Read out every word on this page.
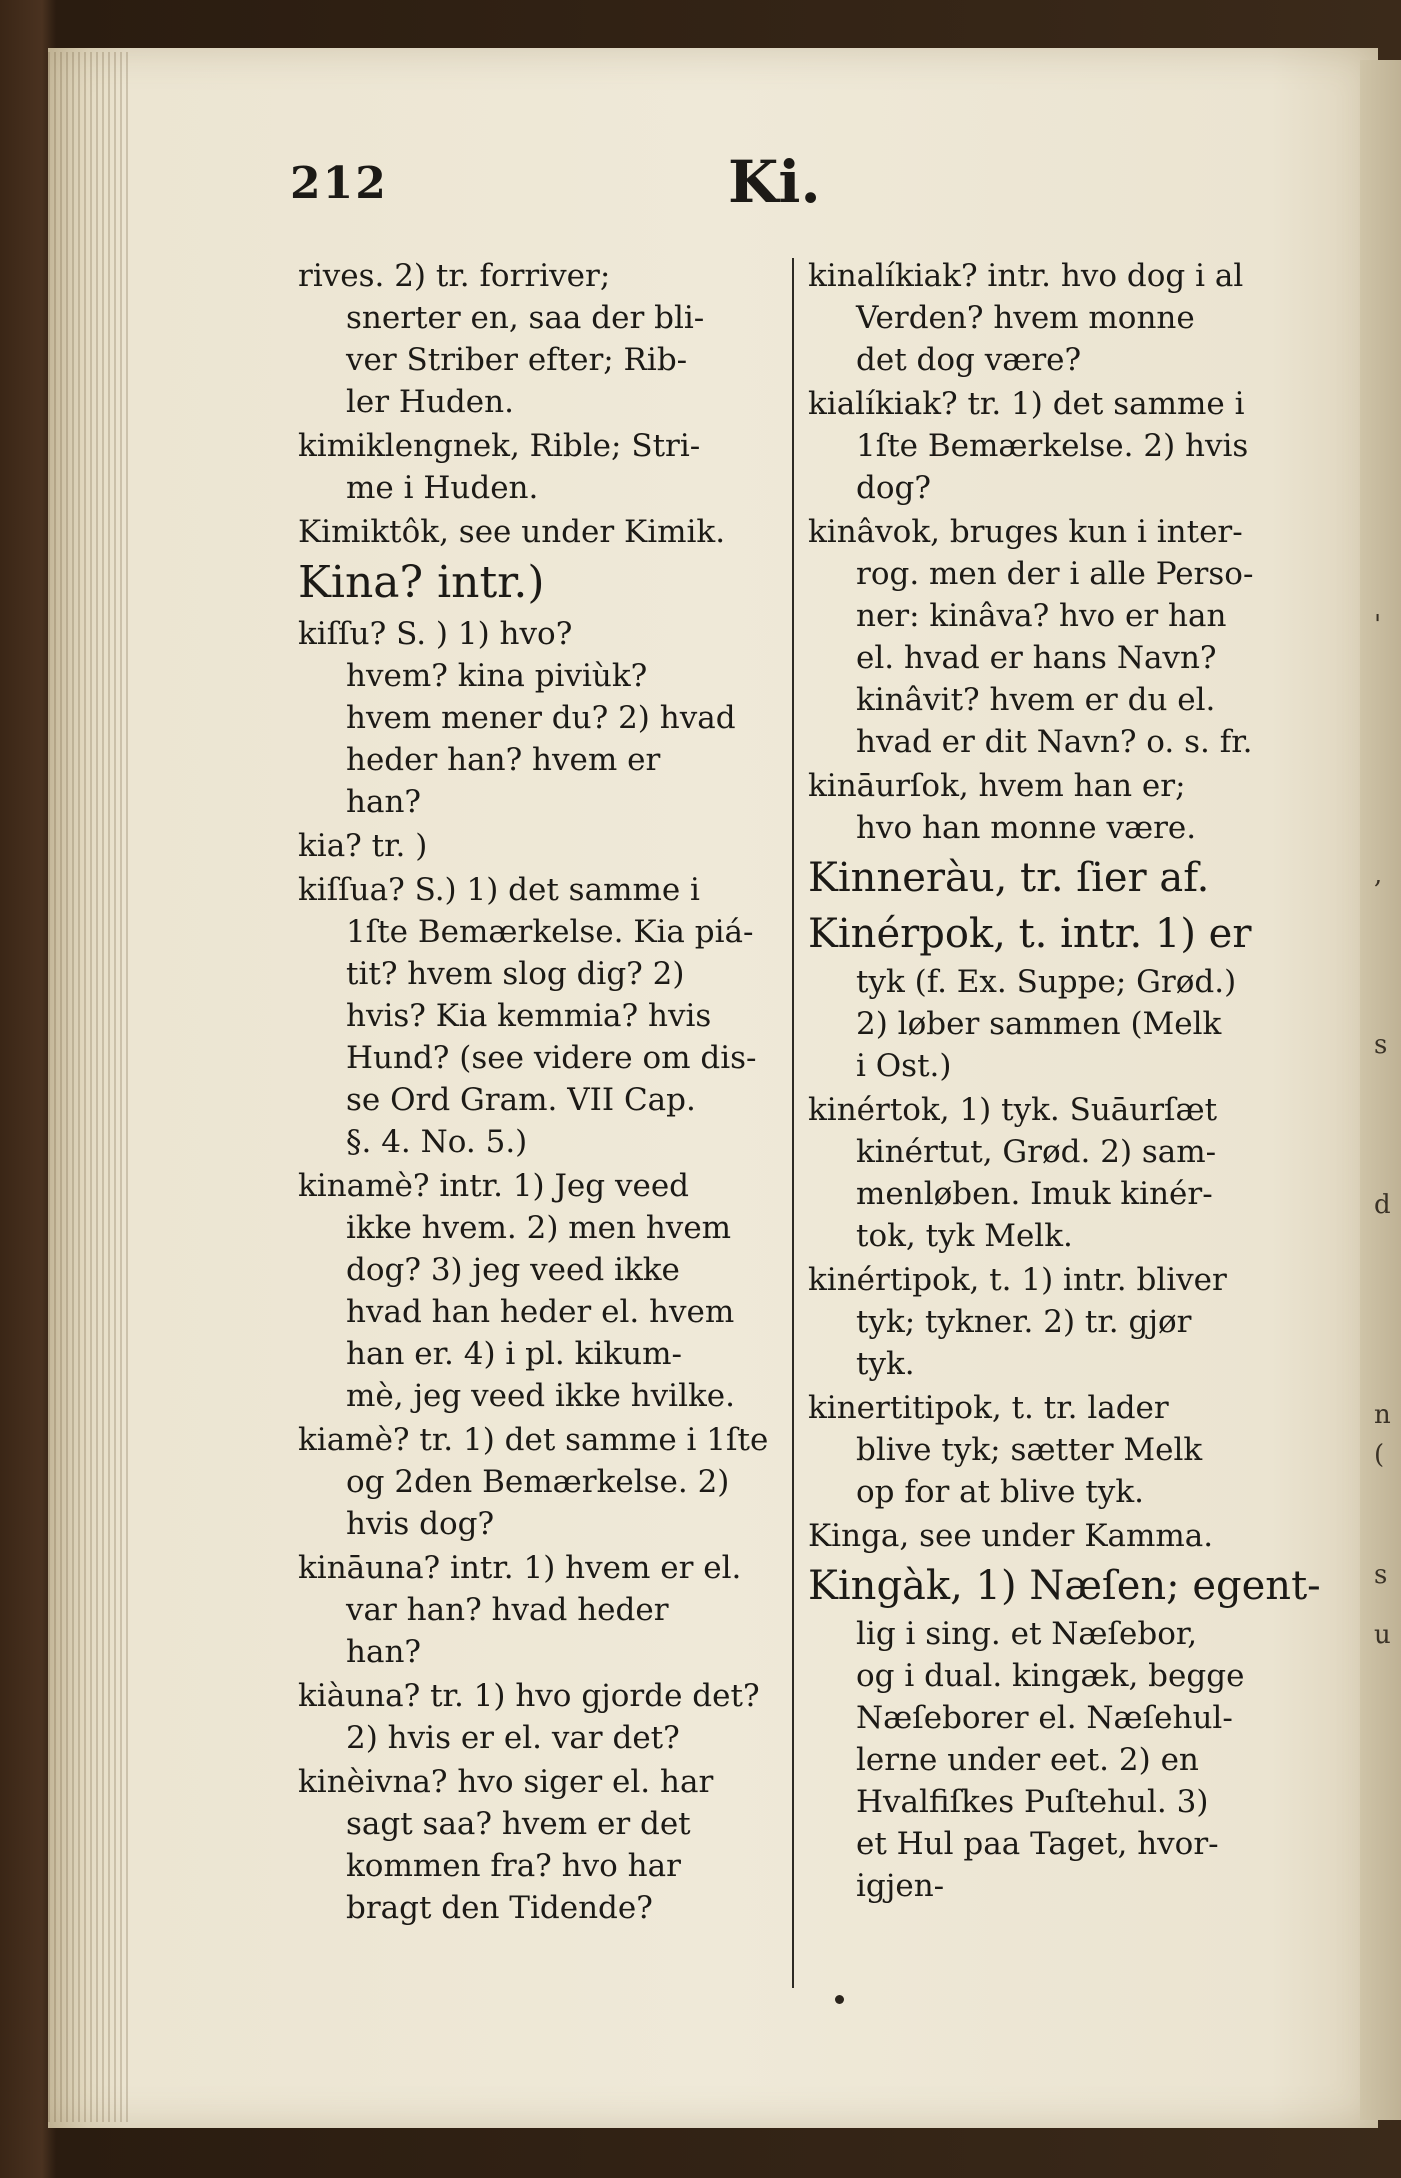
'
,
s
d
n
(
s
u
212	Ki.
rives. 2) tr. forriver;
snerter en, saa der bli-
ver Striber efter; Rib-
ler Huden.
kimiklengnek, Rible; Stri-
me i Huden.
Kimiktôk, see under Kimik.
Kina? intr.)
kiſſu? S. ) 1) hvo?
hvem? kina piviùk?
hvem mener du? 2) hvad
heder han? hvem er
han?
kia? tr. )
kiſſua? S.) 1) det samme i
1ſte Bemærkelse. Kia piá-
tit? hvem slog dig? 2)
hvis? Kia kemmia? hvis
Hund? (see videre om dis-
se Ord Gram. VII Cap.
§. 4. No. 5.)
kinamè? intr. 1) Jeg veed
ikke hvem. 2) men hvem
dog? 3) jeg veed ikke
hvad han heder el. hvem
han er. 4) i pl. kikum-
mè, jeg veed ikke hvilke.
kiamè? tr. 1) det samme i 1ſte
og 2den Bemærkelse. 2)
hvis dog?
kināuna? intr. 1) hvem er el.
var han? hvad heder
han?
kiàuna? tr. 1) hvo gjorde det?
2) hvis er el. var det?
kinèivna? hvo siger el. har
sagt saa? hvem er det
kommen fra? hvo har
bragt den Tidende?
kinalíkiak? intr. hvo dog i al
Verden? hvem monne
det dog være?
kialíkiak? tr. 1) det samme i
1ſte Bemærkelse. 2) hvis
dog?
kinâvok, bruges kun i inter-
rog. men der i alle Perso-
ner: kinâva? hvo er han
el. hvad er hans Navn?
kinâvit? hvem er du el.
hvad er dit Navn? o. s. fr.
kināurſok, hvem han er;
hvo han monne være.
Kinneràu, tr. ſier af.
Kinérpok, t. intr. 1) er
tyk (f. Ex. Suppe; Grød.)
2) løber sammen (Melk
i Ost.)
kinértok, 1) tyk. Suāurſæt
kinértut, Grød. 2) sam-
menløben. Imuk kinér-
tok, tyk Melk.
kinértipok, t. 1) intr. bliver
tyk; tykner. 2) tr. gjør
tyk.
kinertitipok, t. tr. lader
blive tyk; sætter Melk
op for at blive tyk.
Kinga, see under Kamma.
Kingàk, 1) Næſen; egent-
lig i sing. et Næſebor,
og i dual. kingæk, begge
Næſeborer el. Næſehul-
lerne under eet. 2) en
Hvalfiſkes Puſtehul. 3)
et Hul paa Taget, hvor-
igjen-
